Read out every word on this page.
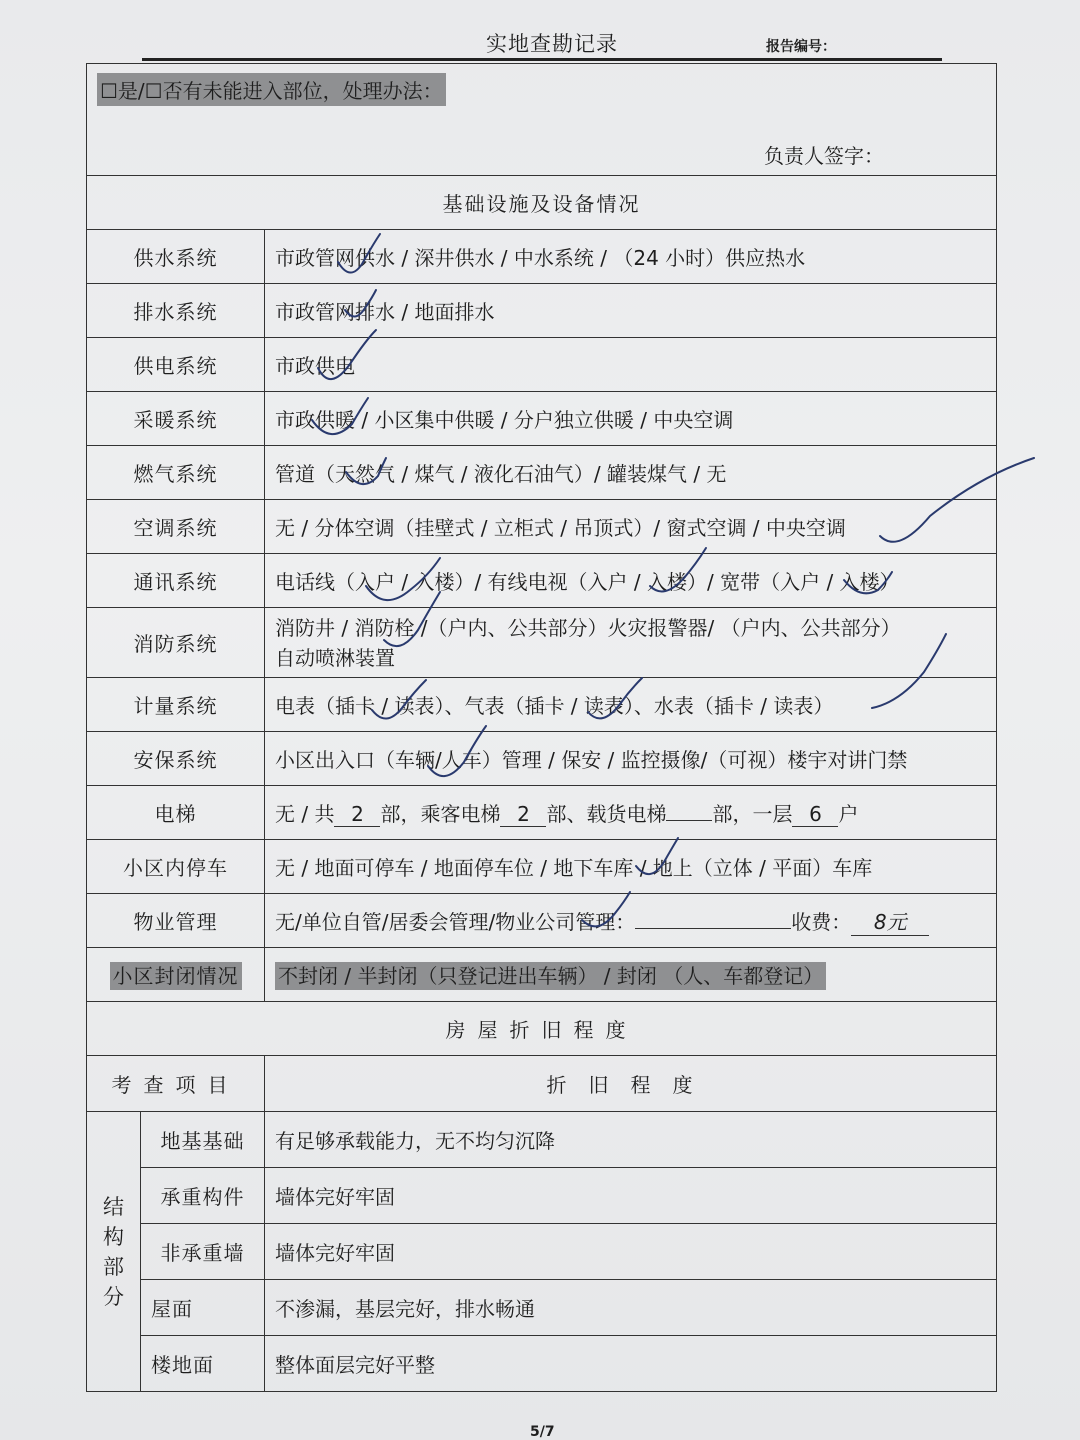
实地查勘记录	报告编号：
☐是/☐否有未能进入部位，处理办法：
负责人签字：		

基础设施及设备情况		
供水系统		市政管网供水 / 深井供水 / 中水系统 / （24 小时）供应热水
排水系统		市政管网排水 / 地面排水
供电系统		市政供电
采暖系统		市政供暖 / 小区集中供暖 / 分户独立供暖 / 中央空调
燃气系统		管道（天然气 / 煤气 / 液化石油气）/ 罐装煤气 / 无
空调系统		无 / 分体空调（挂壁式 / 立柜式 / 吊顶式）/ 窗式空调 / 中央空调
通讯系统		电话线（入户 / 入楼）/ 有线电视（入户 / 入楼）/ 宽带（入户 / 入楼）
消防系统		消防井 / 消防栓 /（户内、公共部分）火灾报警器/ （户内、公共部分）
自动喷淋装置

计量系统		电表（插卡 / 读表）、气表（插卡 / 读表）、水表（插卡 / 读表）
安保系统		小区出入口（车辆/人车）管理 / 保安 / 监控摄像/（可视）楼宇对讲门禁
电梯		无 / 共 2 部，乘客电梯 2 部、载货电梯 部，一层 6 户
小区内停车		无 / 地面可停车 / 地面停车位 / 地下车库 / 地上（立体 / 平面）车库
物业管理		无/单位自管/居委会管理/物业公司管理： 收费： 8元
小区封闭情况		不封闭 / 半封闭（只登记进出车辆） / 封闭 （人、车都登记）
房屋折旧程度		
考查项目		折旧程度

结构部分	地基基础	有足够承载能力，无不均匀沉降
	承重构件	墙体完好牢固
	非承重墙	墙体完好牢固
	屋面	不渗漏，基层完好，排水畅通
	楼地面	整体面层完好平整
5/7
